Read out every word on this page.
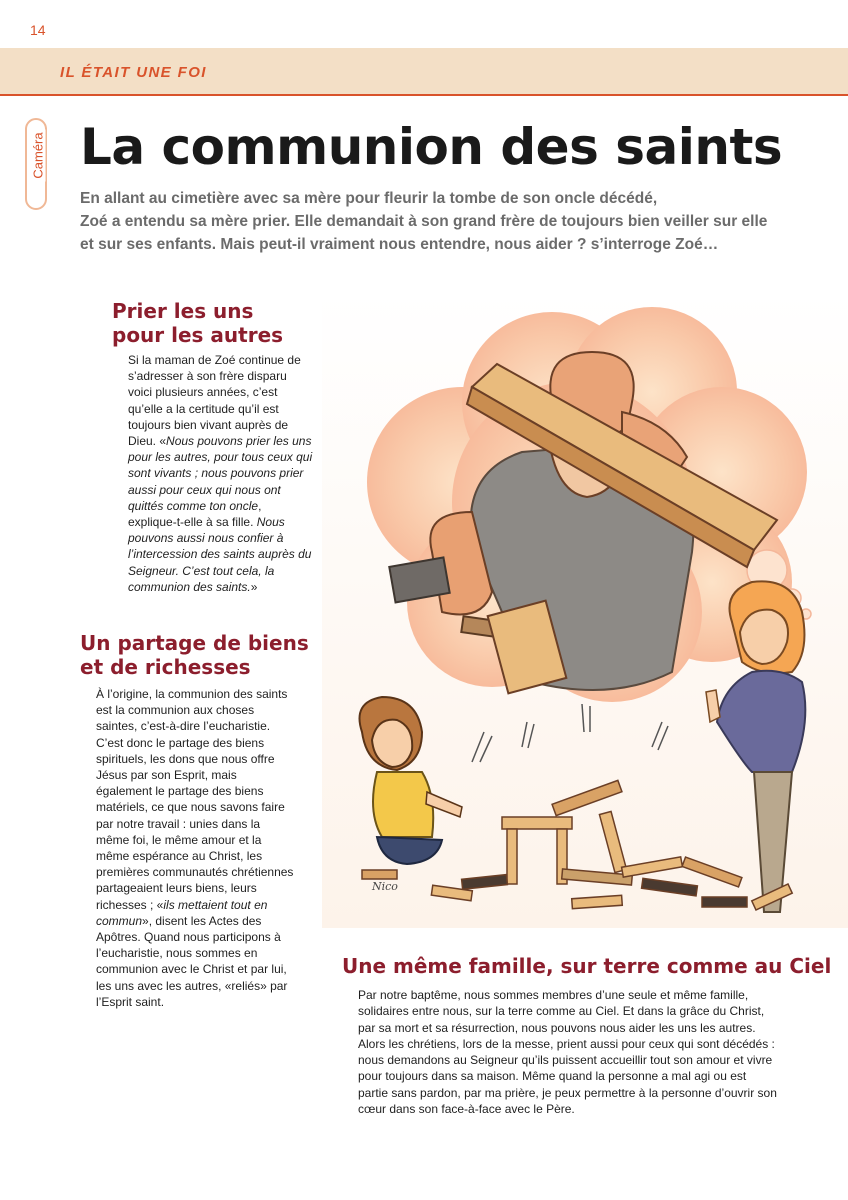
14
IL ÉTAIT UNE FOI
Caméra La communion des saints
En allant au cimetière avec sa mère pour fleurir la tombe de son oncle décédé,
Zoé a entendu sa mère prier. Elle demandait à son grand frère de toujours bien veiller sur elle
et sur ses enfants. Mais peut-il vraiment nous entendre, nous aider ? s’interroge Zoé…
Prier les uns
pour les autres

Si la maman de Zoé continue de s’adresser à son frère disparu voici plusieurs années, c’est qu’elle a la certitude qu’il est toujours bien vivant auprès de Dieu. «Nous pouvons prier les uns pour les autres, pour tous ceux qui sont vivants ; nous pouvons prier aussi pour ceux qui nous ont quittés comme ton oncle, explique-t-elle à sa fille. Nous pouvons aussi nous confier à l’intercession des saints auprès du Seigneur. C’est tout cela, la communion des saints.»

Un partage de biens
et de richesses

À l’origine, la communion des saints est la communion aux choses saintes, c’est-à-dire l’eucharistie. C’est donc le partage des biens spirituels, les dons que nous offre Jésus par son Esprit, mais également le partage des biens matériels, ce que nous savons faire par notre travail : unies dans la même foi, le même amour et la même espérance au Christ, les premières communautés chrétiennes partageaient leurs biens, leurs richesses ; «ils mettaient tout en commun», disent les Actes des Apôtres. Quand nous participons à l’eucharistie, nous sommes en communion avec le Christ et par lui, les uns avec les autres, «reliés» par l’Esprit saint.

Nico
Une même famille, sur terre comme au Ciel

Par notre baptême, nous sommes membres d’une seule et même famille, solidaires entre nous, sur la terre comme au Ciel. Et dans la grâce du Christ, par sa mort et sa résurrection, nous pouvons nous aider les uns les autres. Alors les chrétiens, lors de la messe, prient aussi pour ceux qui sont décédés : nous demandons au Seigneur qu’ils puissent accueillir tout son amour et vivre pour toujours dans sa maison. Même quand la personne a mal agi ou est partie sans pardon, par ma prière, je peux permettre à la personne d’ouvrir son cœur dans son face-à-face avec le Père.
